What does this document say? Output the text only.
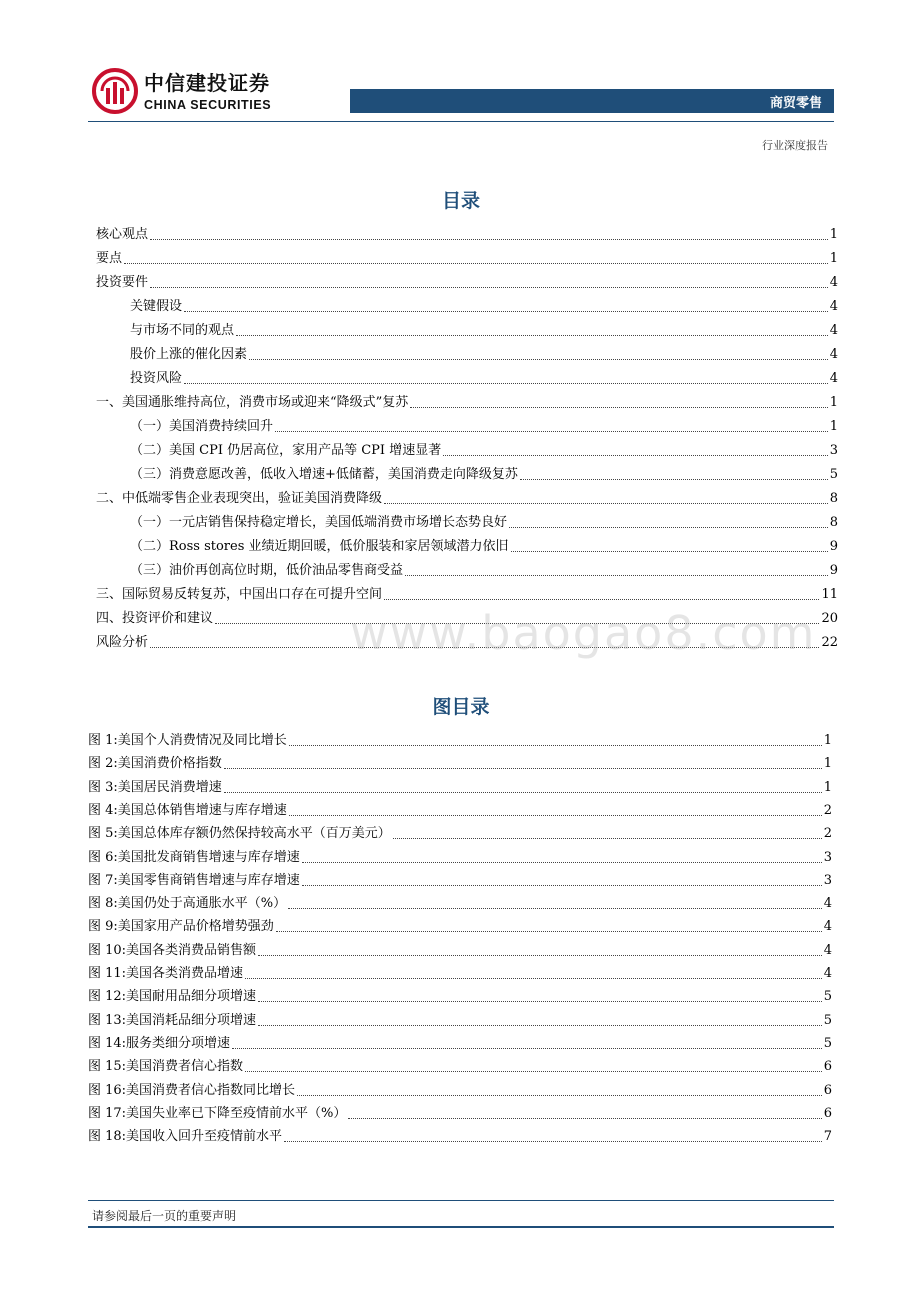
中信建投证券
CHINA SECURITIES	商贸零售
行业深度报告
目录
核心观点	1
要点	1
投资要件	4
关键假设	4
与市场不同的观点	4
股价上涨的催化因素	4
投资风险	4
一、美国通胀维持高位，消费市场或迎来“降级式”复苏	1
（一）美国消费持续回升	1
（二）美国 CPI 仍居高位，家用产品等 CPI 增速显著	3
（三）消费意愿改善，低收入增速+低储蓄，美国消费走向降级复苏	5
二、中低端零售企业表现突出，验证美国消费降级	8
（一）一元店销售保持稳定增长，美国低端消费市场增长态势良好	8
（二）Ross stores 业绩近期回暖，低价服装和家居领域潜力依旧	9
（三）油价再创高位时期，低价油品零售商受益	9
三、国际贸易反转复苏，中国出口存在可提升空间	11
四、投资评价和建议	20
风险分析	22
图目录
图 1:美国个人消费情况及同比增长	1
图 2:美国消费价格指数	1
图 3:美国居民消费增速	1
图 4:美国总体销售增速与库存增速	2
图 5:美国总体库存额仍然保持较高水平（百万美元）	2
图 6:美国批发商销售增速与库存增速	3
图 7:美国零售商销售增速与库存增速	3
图 8:美国仍处于高通胀水平（%）	4
图 9:美国家用产品价格增势强劲	4
图 10:美国各类消费品销售额	4
图 11:美国各类消费品增速	4
图 12:美国耐用品细分项增速	5
图 13:美国消耗品细分项增速	5
图 14:服务类细分项增速	5
图 15:美国消费者信心指数	6
图 16:美国消费者信心指数同比增长	6
图 17:美国失业率已下降至疫情前水平（%）	6
图 18:美国收入回升至疫情前水平	7
www.baogao8.com
请参阅最后一页的重要声明
